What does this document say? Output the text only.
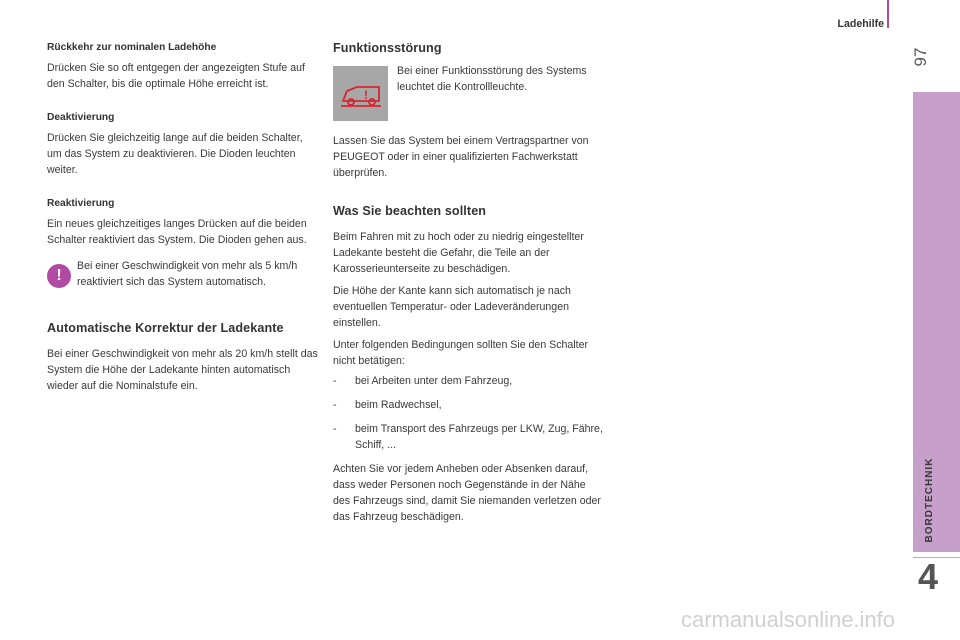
Ladehilfe
97
BORDTECHNIK
4
Rückkehr zur nominalen Ladehöhe

Drücken Sie so oft entgegen der angezeigten Stufe auf den Schalter, bis die optimale Höhe erreicht ist.

Deaktivierung

Drücken Sie gleichzeitig lange auf die beiden Schalter, um das System zu deaktivieren. Die Dioden leuchten weiter.

Reaktivierung

Ein neues gleichzeitiges langes Drücken auf die beiden Schalter reaktiviert das System. Die Dioden gehen aus.

!
Bei einer Geschwindigkeit von mehr als 5 km/h reaktiviert sich das System automatisch.
Automatische Korrektur der Ladekante

Bei einer Geschwindigkeit von mehr als 20 km/h stellt das System die Höhe der Ladekante hinten automatisch wieder auf die Nominalstufe ein.

Funktionsstörung
!
Bei einer Funktionsstörung des Systems leuchtet die Kontrollleuchte.

Lassen Sie das System bei einem Vertragspartner von PEUGEOT oder in einer qualifizierten Fachwerkstatt überprüfen.

Was Sie beachten sollten

Beim Fahren mit zu hoch oder zu niedrig eingestellter Ladekante besteht die Gefahr, die Teile an der Karosserieunterseite zu beschädigen.

Die Höhe der Kante kann sich automatisch je nach eventuellen Temperatur- oder Ladeveränderungen einstellen.

Unter folgenden Bedingungen sollten Sie den Schalter nicht betätigen:

-	bei Arbeiten unter dem Fahrzeug,
-	beim Radwechsel,
-	beim Transport des Fahrzeugs per LKW, Zug, Fähre, Schiff, ...

Achten Sie vor jedem Anheben oder Absenken darauf, dass weder Personen noch Gegenstände in der Nähe des Fahrzeugs sind, damit Sie niemanden verletzen oder das Fahrzeug beschädigen.

carmanualsonline.info
